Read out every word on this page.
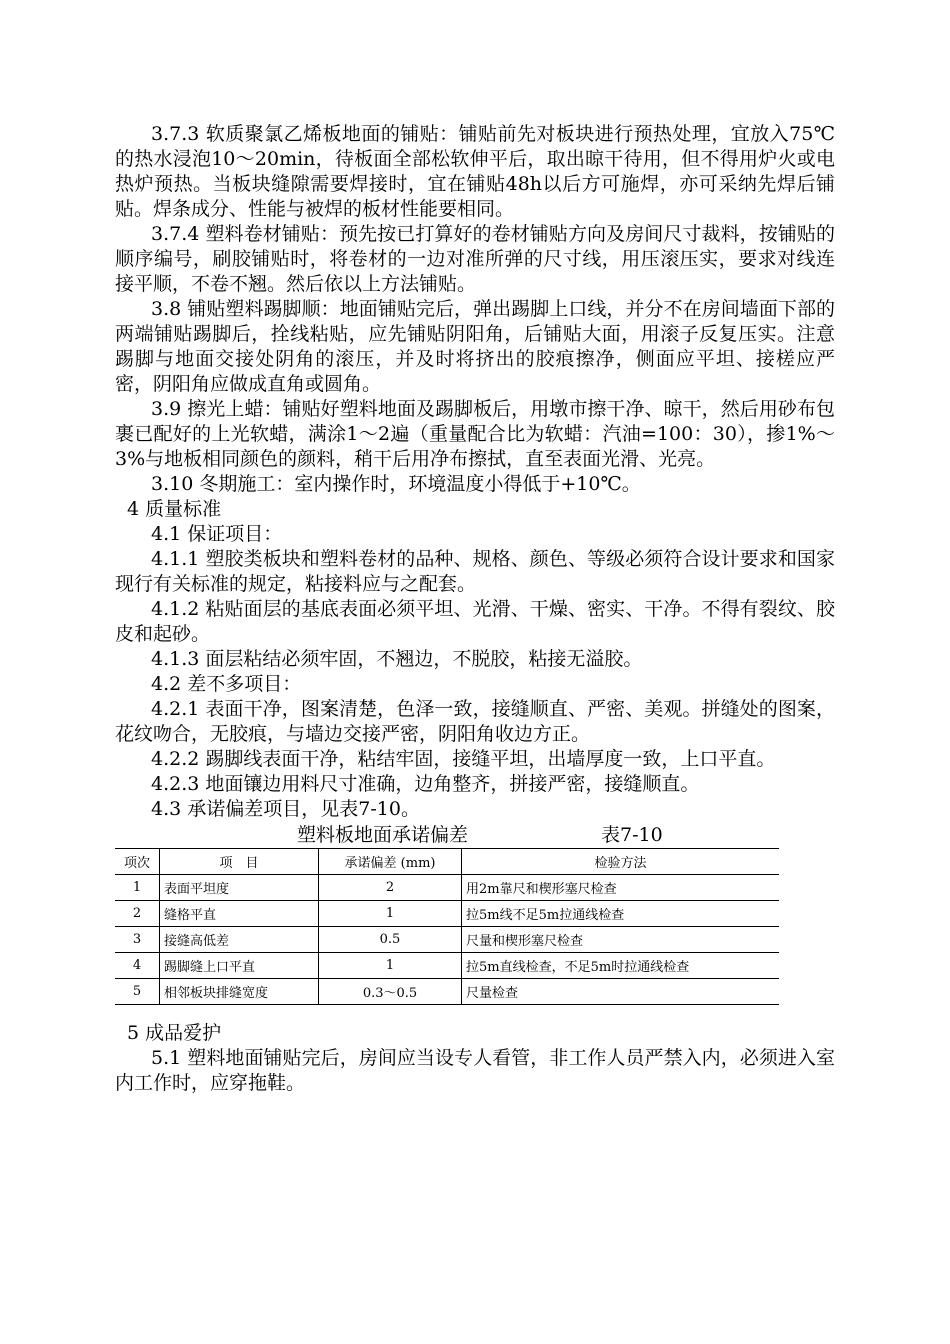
3.7.3 软质聚氯乙烯板地面的铺贴：铺贴前先对板块进行预热处理，宜放入75℃的热水浸泡10～20min，待板面全部松软伸平后，取出晾干待用，但不得用炉火或电热炉预热。当板块缝隙需要焊接时，宜在铺贴48h以后方可施焊，亦可采纳先焊后铺贴。焊条成分、性能与被焊的板材性能要相同。

3.7.4 塑料卷材铺贴：预先按已打算好的卷材铺贴方向及房间尺寸裁料，按铺贴的顺序编号，刷胶铺贴时，将卷材的一边对准所弹的尺寸线，用压滚压实，要求对线连接平顺，不卷不翘。然后依以上方法铺贴。

3.8 铺贴塑料踢脚顺：地面铺贴完后，弹出踢脚上口线，并分不在房间墙面下部的两端铺贴踢脚后，拴线粘贴，应先铺贴阴阳角，后铺贴大面，用滚子反复压实。注意踢脚与地面交接处阴角的滚压，并及时将挤出的胶痕擦净，侧面应平坦、接槎应严密，阴阳角应做成直角或圆角。

3.9 擦光上蜡：铺贴好塑料地面及踢脚板后，用墩市擦干净、晾干，然后用砂布包裹已配好的上光软蜡，满涂1～2遍（重量配合比为软蜡：汽油=100：30），掺1%～3%与地板相同颜色的颜料，稍干后用净布擦拭，直至表面光滑、光亮。

3.10 冬期施工：室内操作时，环境温度小得低于+10℃。

4 质量标准

4.1 保证项目：

4.1.1 塑胶类板块和塑料卷材的品种、规格、颜色、等级必须符合设计要求和国家现行有关标准的规定，粘接料应与之配套。

4.1.2 粘贴面层的基底表面必须平坦、光滑、干燥、密实、干净。不得有裂纹、胶皮和起砂。

4.1.3 面层粘结必须牢固，不翘边，不脱胶，粘接无溢胶。

4.2 差不多项目：

4.2.1 表面干净，图案清楚，色泽一致，接缝顺直、严密、美观。拼缝处的图案，花纹吻合，无胶痕，与墙边交接严密，阴阳角收边方正。

4.2.2 踢脚线表面干净，粘结牢固，接缝平坦，出墙厚度一致，上口平直。

4.2.3 地面镶边用料尺寸准确，边角整齐，拼接严密，接缝顺直。

4.3 承诺偏差项目，见表7-10。

塑料板地面承诺偏差	表7-10
项次	项　目	承诺偏差 (mm)	检验方法
1	表面平坦度	2	用2m靠尺和楔形塞尺检查
2	缝格平直	1	拉5m线不足5m拉通线检查
3	接缝高低差	0.5	尺量和楔形塞尺检查
4	踢脚缝上口平直	1	拉5m直线检查，不足5m时拉通线检查
5	相邻板块排缝宽度	0.3～0.5	尺量检查

5 成品爱护

5.1 塑料地面铺贴完后，房间应当设专人看管，非工作人员严禁入内，必须进入室内工作时，应穿拖鞋。
